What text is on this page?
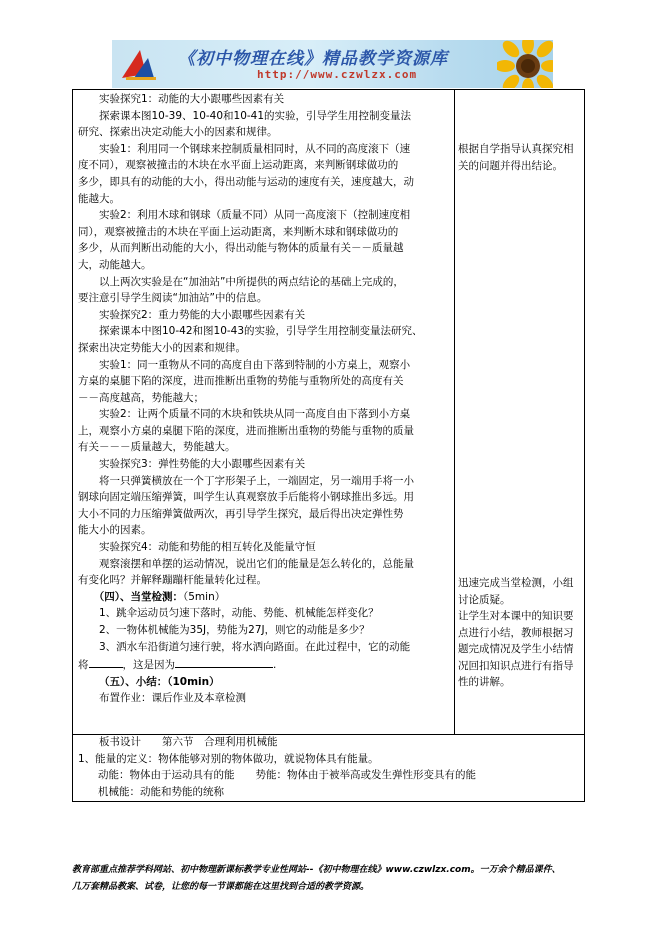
《初中物理在线》精品教学资源库
http://www.czwlzx.com
　　实验探究1：动能的大小跟哪些因素有关
　　探索课本图10-39、10-40和10-41的实验，引导学生用控制变量法
研究、探索出决定动能大小的因素和规律。
　　实验1：利用同一个钢球来控制质量相同时，从不同的高度滚下（速
度不同），观察被撞击的木块在水平面上运动距离，来判断钢球做功的
多少，即具有的动能的大小，得出动能与运动的速度有关，速度越大，动
能越大。
　　实验2：利用木球和钢球（质量不同）从同一高度滚下（控制速度相
同），观察被撞击的木块在平面上运动距离，来判断木球和钢球做功的
多少，从而判断出动能的大小，得出动能与物体的质量有关－－质量越
大，动能越大。
　　以上两次实验是在“加油站”中所提供的两点结论的基础上完成的，
要注意引导学生阅读“加油站”中的信息。
　　实验探究2：重力势能的大小跟哪些因素有关
　　探索课本中图10-42和图10-43的实验，引导学生用控制变量法研究、
探索出决定势能大小的因素和规律。
　　实验1：同一重物从不同的高度自由下落到特制的小方桌上，观察小
方桌的桌腿下陷的深度，进而推断出重物的势能与重物所处的高度有关
－－高度越高，势能越大；
　　实验2：让两个质量不同的木块和铁块从同一高度自由下落到小方桌
上，观察小方桌的桌腿下陷的深度，进而推断出重物的势能与重物的质量
有关－－－质量越大，势能越大。
　　实验探究3：弹性势能的大小跟哪些因素有关
　　将一只弹簧横放在一个丁字形架子上，一端固定，另一端用手将一小
钢球向固定端压缩弹簧，叫学生认真观察放手后能将小钢球推出多远。用
大小不同的力压缩弹簧做两次，再引导学生探究，最后得出决定弹性势
能大小的因素。
　　实验探究4：动能和势能的相互转化及能量守恒
　　观察滚摆和单摆的运动情况，说出它们的能量是怎么转化的，总能量
有变化吗？并解释蹦蹦杆能量转化过程。
　　（四）、当堂检测：（5min）
1、跳伞运动员匀速下落时，动能、势能、机械能怎样变化？
2、一物体机械能为35J，势能为27J，则它的动能是多少？
3、洒水车沿街道匀速行驶，将水洒向路面。在此过程中，它的动能
将	，这是因为	.
（五）、小结：（10min）
布置作业：课后作业及本章检测
根据自学指导认真探究相关的问题并得出结论。
迅速完成当堂检测，小组讨论质疑。
让学生对本课中的知识要点进行小结，教师根据习题完成情况及学生小结情况回扣知识点进行有指导性的讲解。
　　板书设计　　 第六节　合理利用机械能
1、能量的定义：物体能够对别的物体做功，就说物体具有能量。
动能：物体由于运动具有的能　　势能：物体由于被举高或发生弹性形变具有的能
机械能：动能和势能的统称
教育部重点推荐学科网站、初中物理新课标教学专业性网站--《初中物理在线》www.czwlzx.com。一万余个精品课件、
几万套精品教案、试卷，让您的每一节课都能在这里找到合适的教学资源。
